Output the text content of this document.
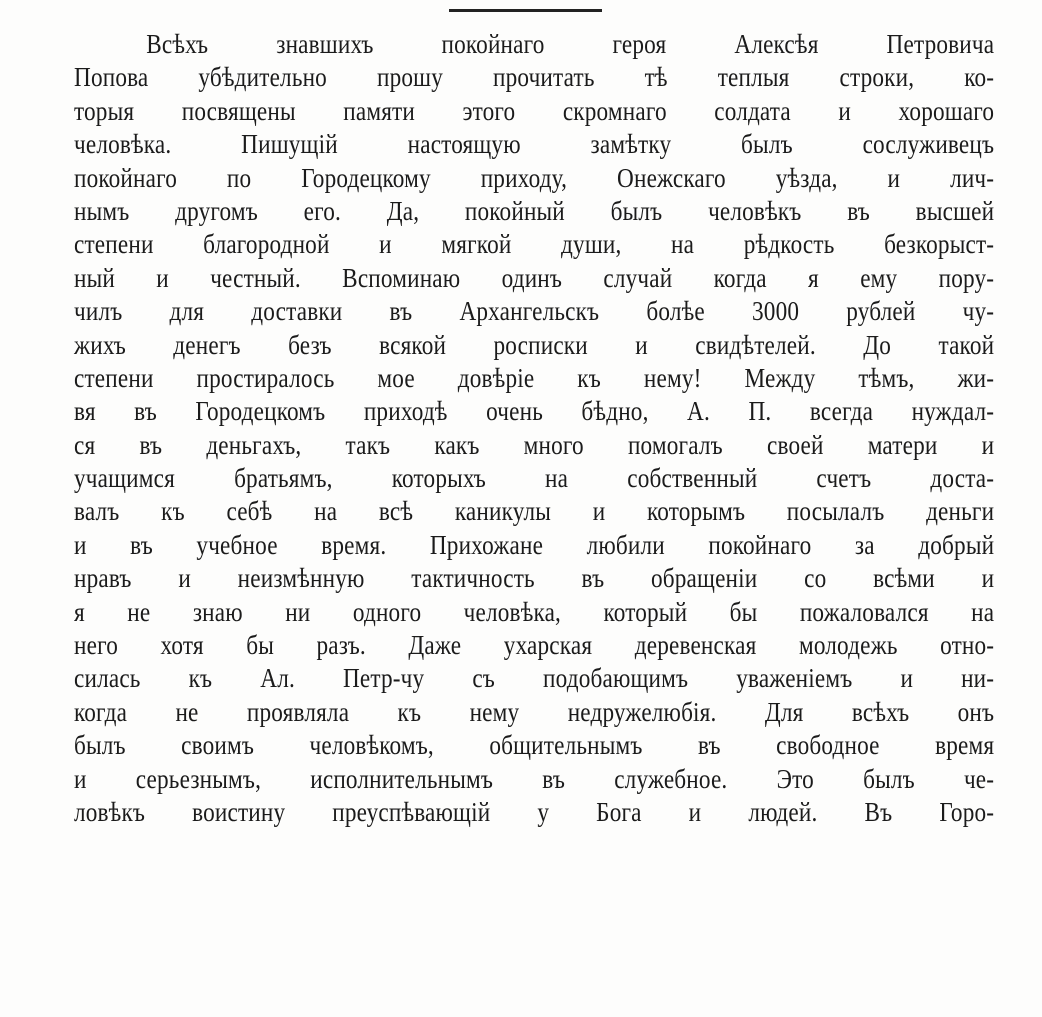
Всѣхъ знавшихъ покойнаго героя Алексѣя Петровича
Попова убѣдительно прошу прочитать тѣ теплыя строки, ко-
торыя посвящены памяти этого скромнаго солдата и хорошаго
человѣка. Пишущій настоящую замѣтку былъ сослуживецъ
покойнаго по Городецкому приходу, Онежскаго уѣзда, и лич-
нымъ другомъ его. Да, покойный былъ человѣкъ въ высшей
степени благородной и мягкой души, на рѣдкость безкорыст-
ный и честный. Вспоминаю одинъ случай когда я ему пору-
чилъ для доставки въ Архангельскъ болѣе 3000 рублей чу-
жихъ денегъ безъ всякой росписки и свидѣтелей. До такой
степени простиралось мое довѣріе къ нему! Между тѣмъ, жи-
вя въ Городецкомъ приходѣ очень бѣдно, А. П. всегда нуждал-
ся въ деньгахъ, такъ какъ много помогалъ своей матери и
учащимся братьямъ, которыхъ на собственный счетъ доста-
валъ къ себѣ на всѣ каникулы и которымъ посылалъ деньги
и въ учебное время. Прихожане любили покойнаго за добрый
нравъ и неизмѣнную тактичность въ обращеніи со всѣми и
я не знаю ни одного человѣка, который бы пожаловался на
него хотя бы разъ. Даже ухарская деревенская молодежь отно-
силась къ Ал. Петр-чу съ подобающимъ уваженіемъ и ни-
когда не проявляла къ нему недружелюбія. Для всѣхъ онъ
былъ своимъ человѣкомъ, общительнымъ въ свободное время
и серьезнымъ, исполнительнымъ въ служебное. Это былъ че-
ловѣкъ воистину преуспѣвающій у Бога и людей. Въ Горо-
